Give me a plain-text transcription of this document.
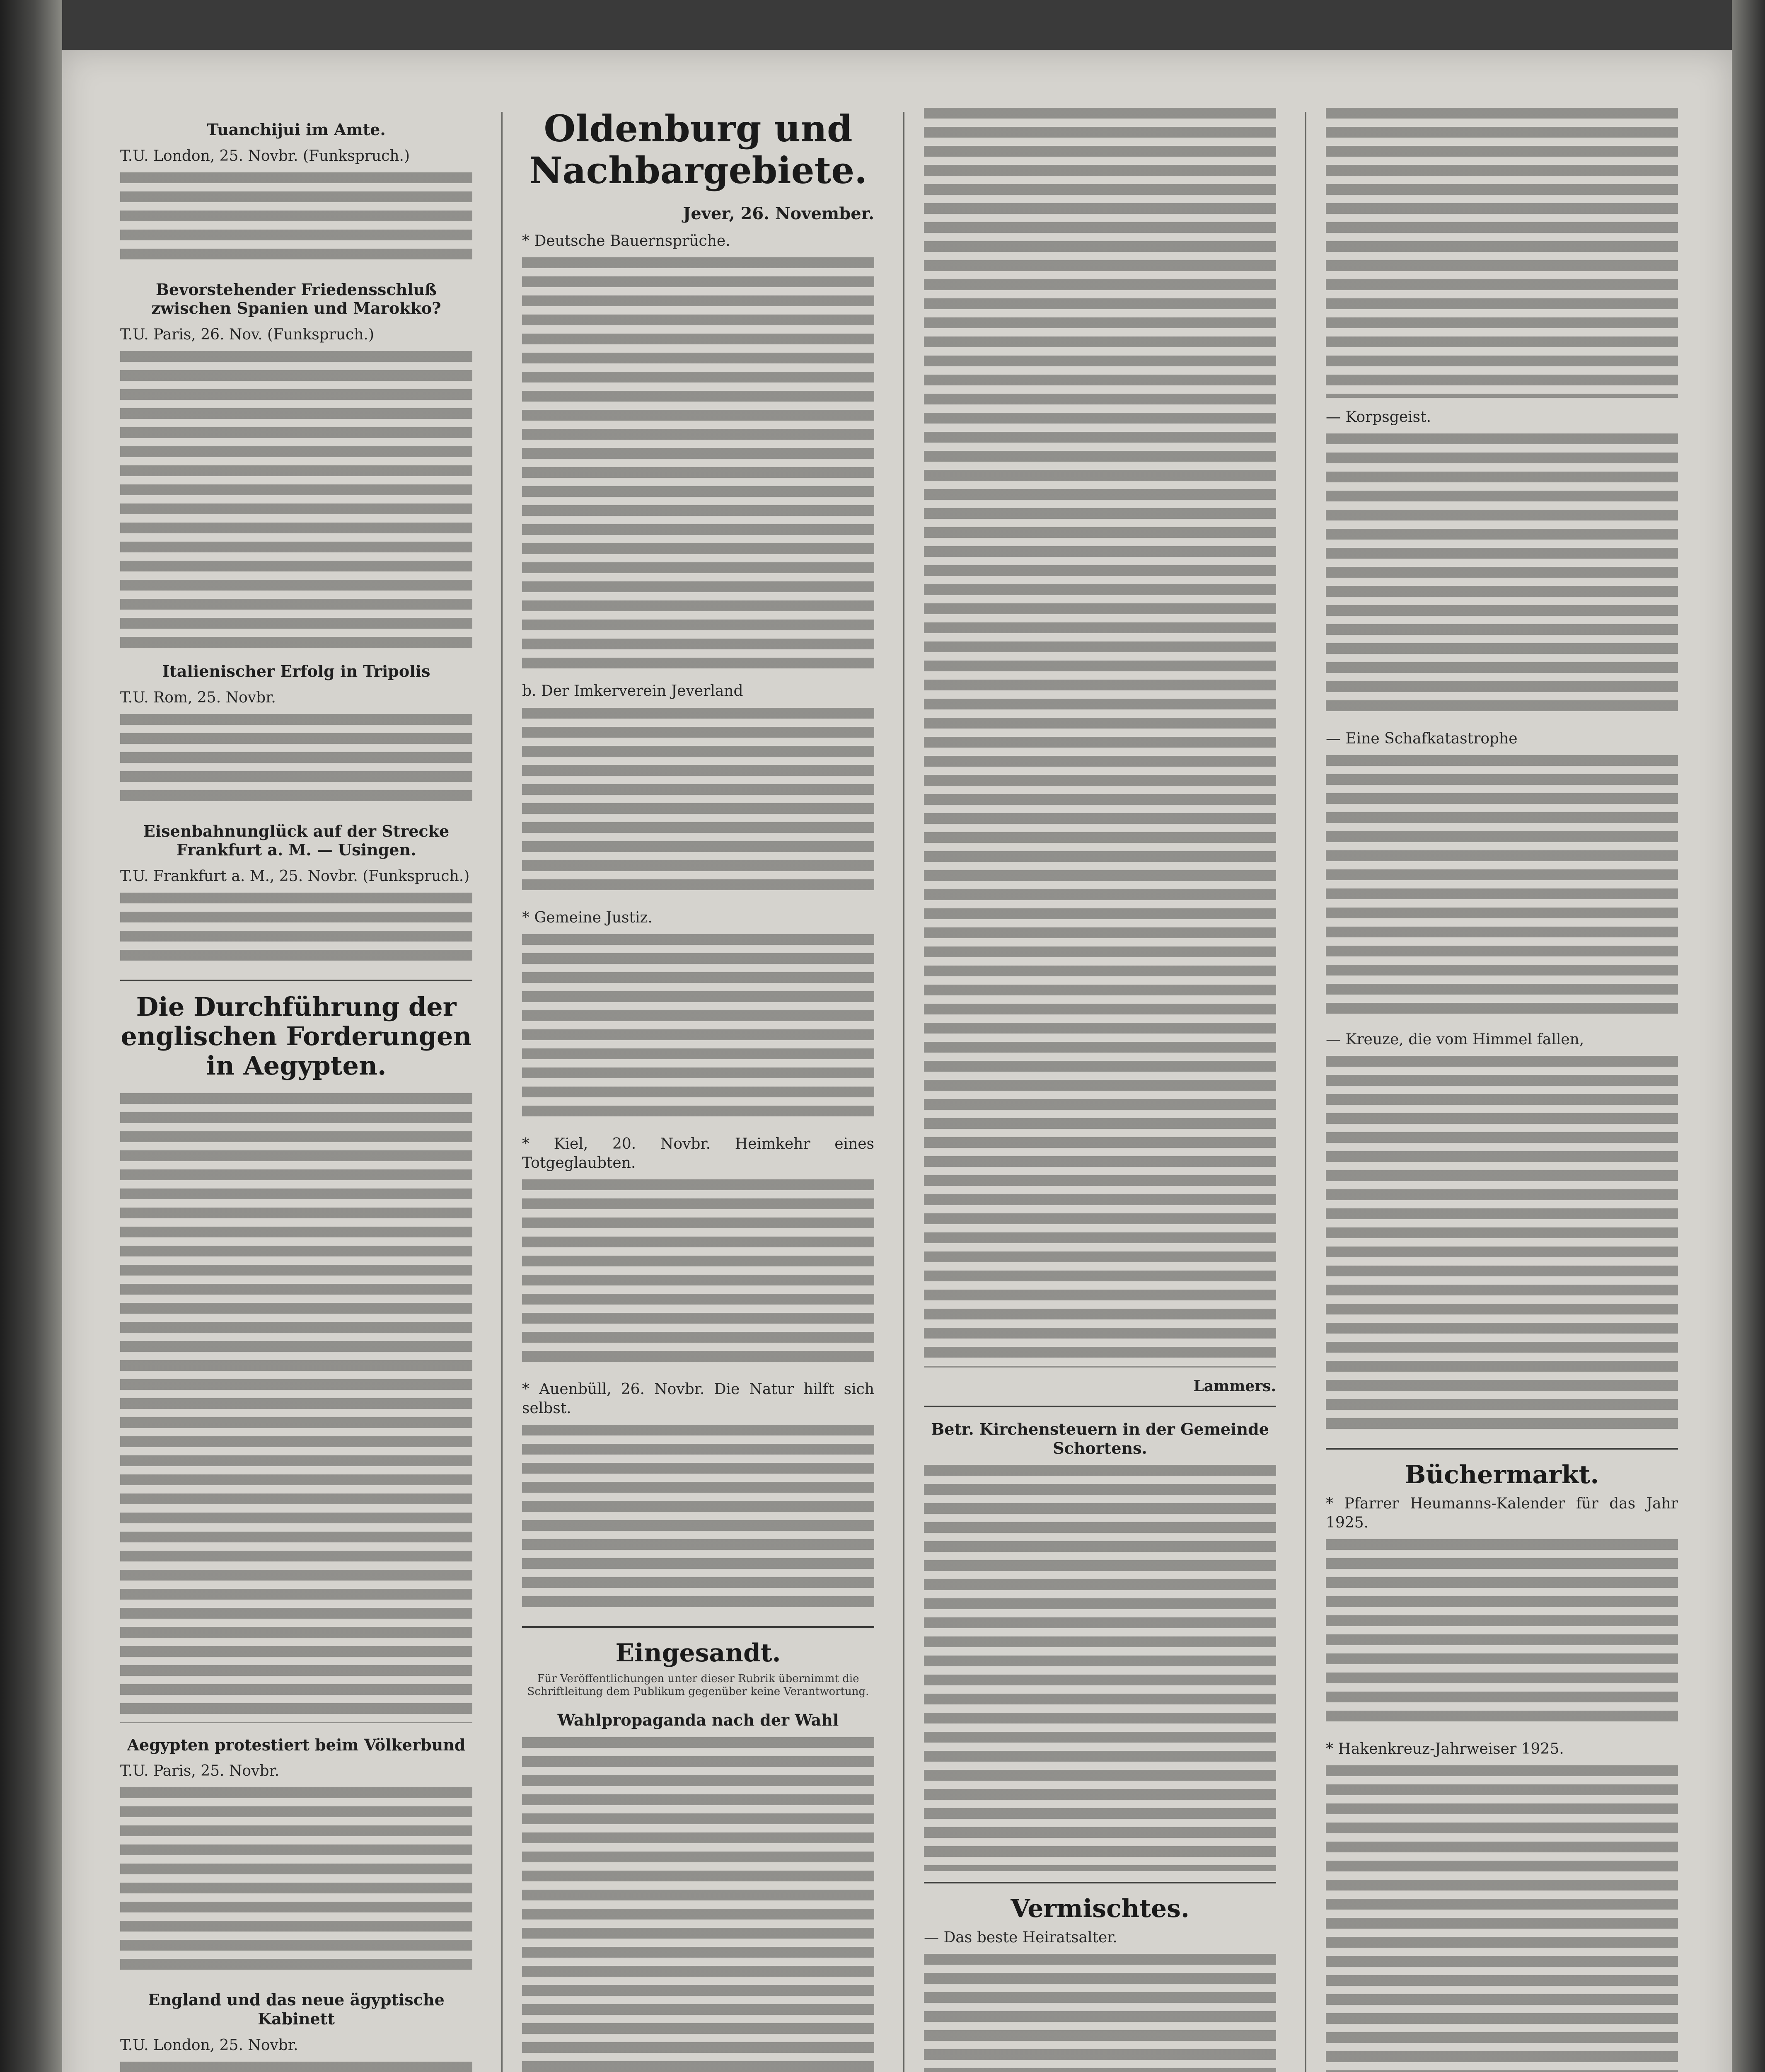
Tuanchijui im Amte.
T.U. London, 25. Novbr. (Funkspruch.)
Bevorstehender Friedensschluß zwischen Spanien und Marokko?
T.U. Paris, 26. Nov. (Funkspruch.)
Italienischer Erfolg in Tripolis
T.U. Rom, 25. Novbr.
Eisenbahnunglück auf der Strecke Frankfurt a. M. — Usingen.
T.U. Frankfurt a. M., 25. Novbr. (Funkspruch.)
Die Durchführung der englischen Forderungen in Aegypten.
Aegypten protestiert beim Völkerbund
T.U. Paris, 25. Novbr.
England und das neue ägyptische Kabinett
T.U. London, 25. Novbr.
Oldenburg und Nachbargebiete.
Jever, 26. November.
* Deutsche Bauernsprüche.
b. Der Imkerverein Jeverland
* Gemeine Justiz.
* Kiel, 20. Novbr. Heimkehr eines Totgeglaubten.
* Auenbüll, 26. Novbr. Die Natur hilft sich selbst.
Eingesandt.
Für Veröffentlichungen unter dieser Rubrik übernimmt die Schriftleitung dem Publikum gegenüber keine Verantwortung.
Wahlpropaganda nach der Wahl
Lammers.
Betr. Kirchensteuern in der Gemeinde Schortens.
Vermischtes.
— Das beste Heiratsalter.
— Korpsgeist.
— Eine Schafkatastrophe
— Kreuze, die vom Himmel fallen,
Büchermarkt.
* Pfarrer Heumanns-Kalender für das Jahr 1925.
* Hakenkreuz-Jahrweiser 1925.
